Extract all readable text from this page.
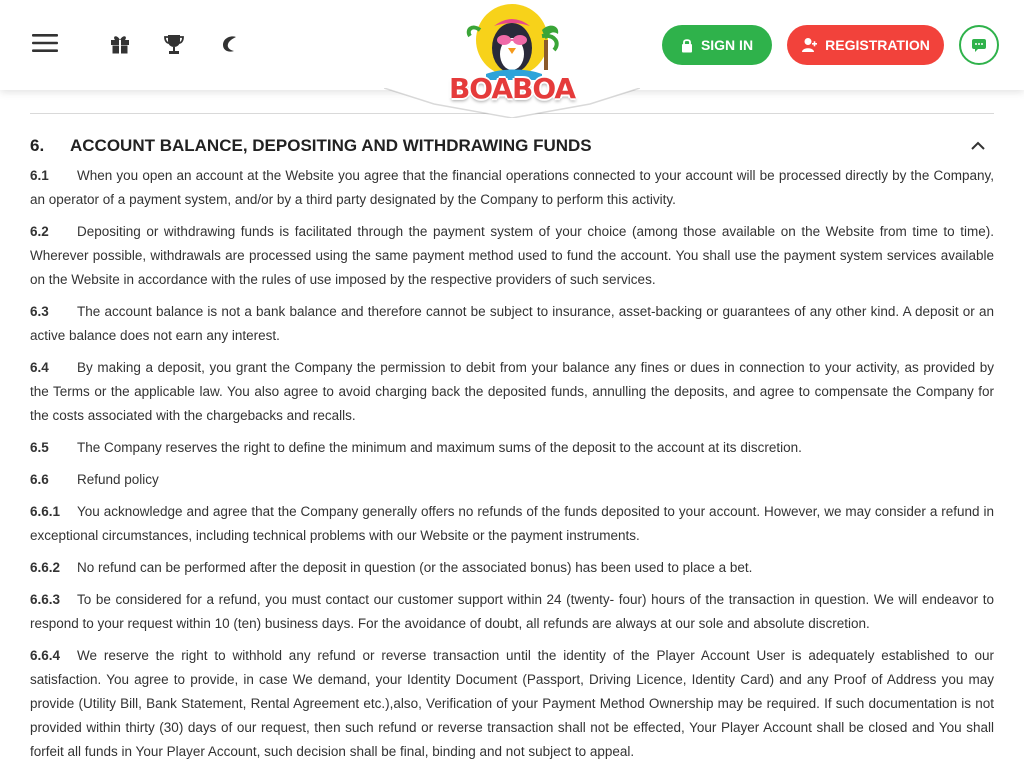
SIGN IN	REGISTRATION
BOABOA
6.	ACCOUNT BALANCE, DEPOSITING AND WITHDRAWING FUNDS

6.1 When you open an account at the Website you agree that the financial operations connected to your account will be processed directly by the Company, an operator of a payment system, and/or by a third party designated by the Company to perform this activity.

6.2 Depositing or withdrawing funds is facilitated through the payment system of your choice (among those available on the Website from time to time). Wherever possible, withdrawals are processed using the same payment method used to fund the account. You shall use the payment system services available on the Website in accordance with the rules of use imposed by the respective providers of such services.

6.3 The account balance is not a bank balance and therefore cannot be subject to insurance, asset-backing or guarantees of any other kind. A deposit or an active balance does not earn any interest.

6.4 By making a deposit, you grant the Company the permission to debit from your balance any fines or dues in connection to your activity, as provided by the Terms or the applicable law. You also agree to avoid charging back the deposited funds, annulling the deposits, and agree to compensate the Company for the costs associated with the chargebacks and recalls.

6.5 The Company reserves the right to define the minimum and maximum sums of the deposit to the account at its discretion.

6.6 Refund policy

6.6.1 You acknowledge and agree that the Company generally offers no refunds of the funds deposited to your account. However, we may consider a refund in exceptional circumstances, including technical problems with our Website or the payment instruments.

6.6.2 No refund can be performed after the deposit in question (or the associated bonus) has been used to place a bet.

6.6.3 To be considered for a refund, you must contact our customer support within 24 (twenty- four) hours of the transaction in question. We will endeavor to respond to your request within 10 (ten) business days. For the avoidance of doubt, all refunds are always at our sole and absolute discretion.

6.6.4 We reserve the right to withhold any refund or reverse transaction until the identity of the Player Account User is adequately established to our satisfaction. You agree to provide, in case We demand, your Identity Document (Passport, Driving Licence, Identity Card) and any Proof of Address you may provide (Utility Bill, Bank Statement, Rental Agreement etc.),also, Verification of your Payment Method Ownership may be required. If such documentation is not provided within thirty (30) days of our request, then such refund or reverse transaction shall not be effected, Your Player Account shall be closed and You shall forfeit all funds in Your Player Account, such decision shall be final, binding and not subject to appeal.
